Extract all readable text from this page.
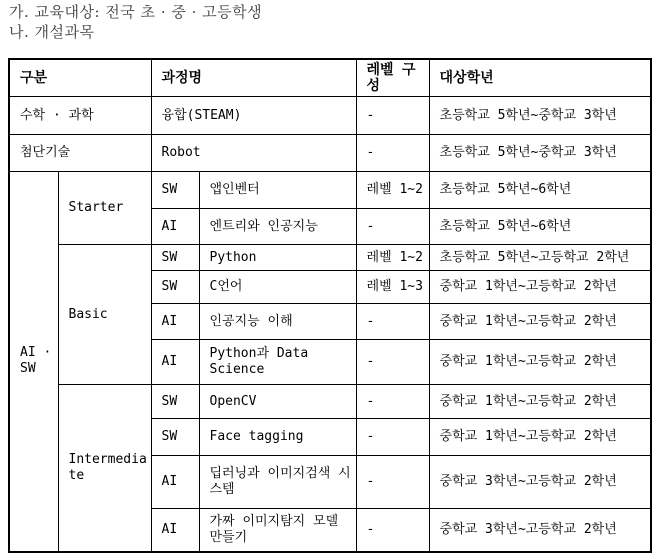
가. 교육대상: 전국 초 · 중 · 고등학생
나. 개설과목
구분		과정명		레벨 구성	대상학년
수학 · 과학		융합(STEAM)		-	초등학교 5학년~중학교 3학년
첨단기술		Robot		-	초등학교 5학년~중학교 3학년
AI · SW	Starter	SW	앱인벤터	레벨 1~2	초등학교 5학년~6학년
		AI	엔트리와 인공지능	-	초등학교 5학년~6학년
	Basic	SW	Python	레벨 1~2	초등학교 5학년~고등학교 2학년
		SW	C언어	레벨 1~3	중학교 1학년~고등학교 2학년
		AI	인공지능 이해	-	중학교 1학년~고등학교 2학년
		AI	Python과 Data Science	-	중학교 1학년~고등학교 2학년
	Intermediate	SW	OpenCV	-	중학교 1학년~고등학교 2학년
		SW	Face tagging	-	중학교 1학년~고등학교 2학년
		AI	딥러닝과 이미지검색 시스템	-	중학교 3학년~고등학교 2학년
		AI	가짜 이미지탐지 모델 만들기	-	중학교 3학년~고등학교 2학년
